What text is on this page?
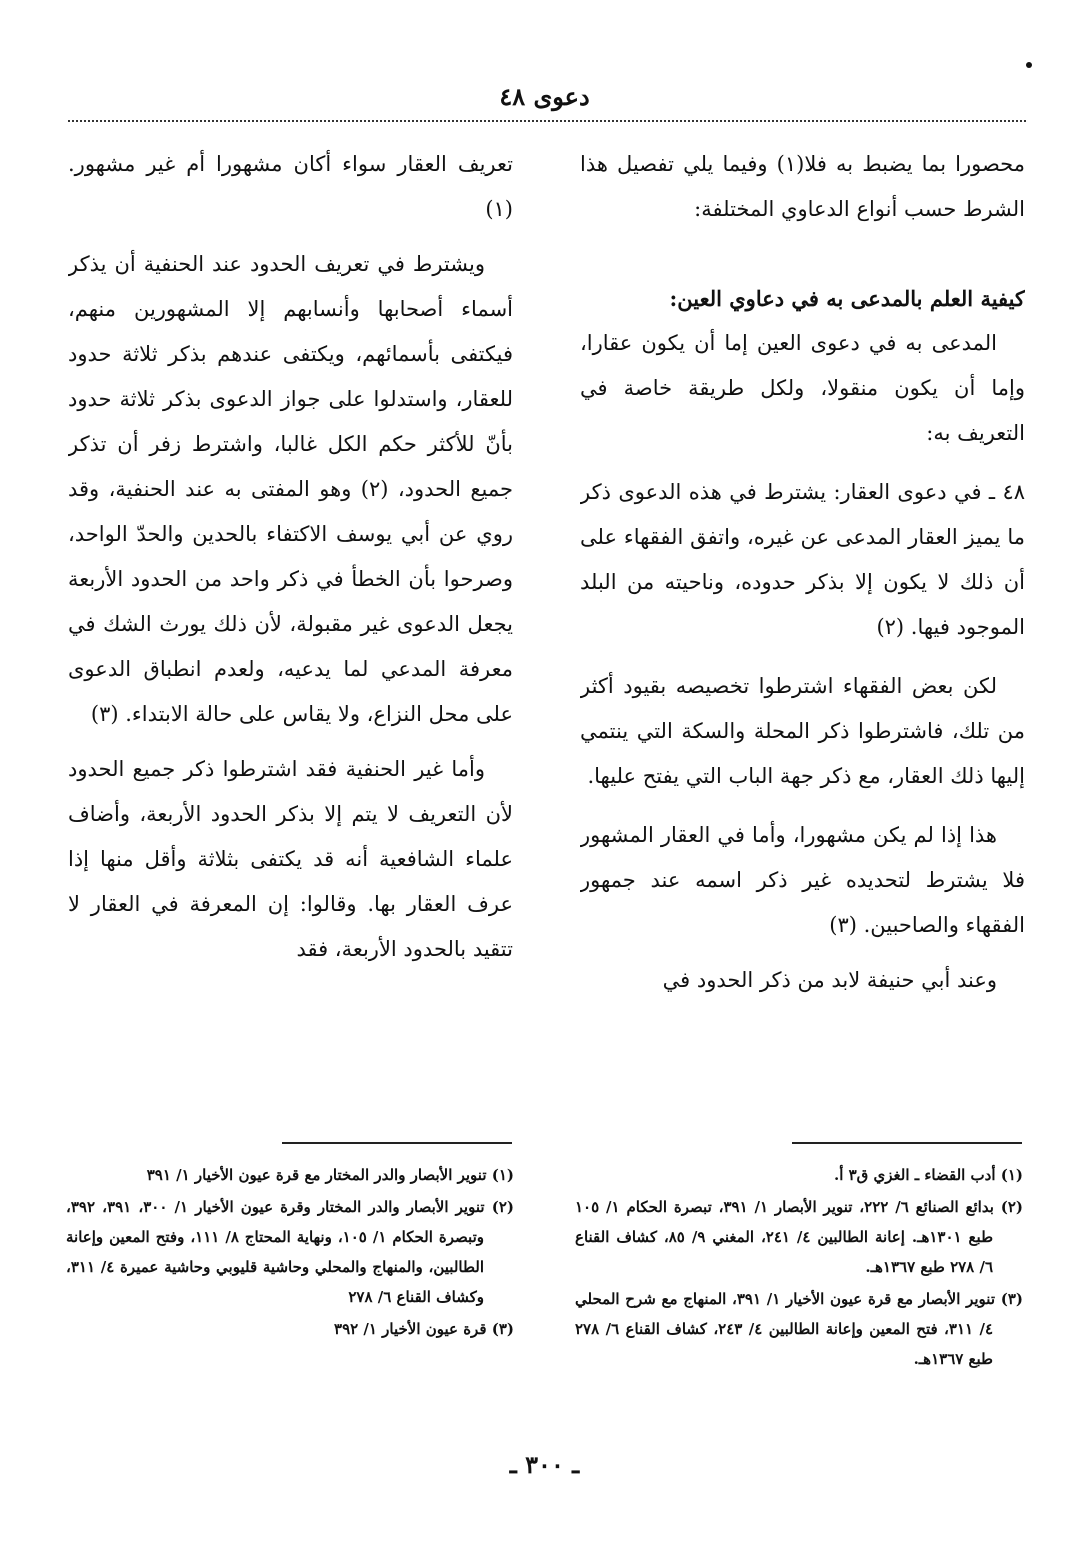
دعوى ٤٨

محصورا بما يضبط به فلا(١) وفيما يلي تفصيل هذا الشرط حسب أنواع الدعاوي المختلفة:

كيفية العلم بالمدعى به في دعاوي العين:

المدعى به في دعوى العين إما أن يكون عقارا، وإما أن يكون منقولا، ولكل طريقة خاصة في التعريف به:

٤٨ ـ في دعوى العقار: يشترط في هذه الدعوى ذكر ما يميز العقار المدعى عن غيره، واتفق الفقهاء على أن ذلك لا يكون إلا بذكر حدوده، وناحيته من البلد الموجود فيها. (٢)

لكن بعض الفقهاء اشترطوا تخصيصه بقيود أكثر من تلك، فاشترطوا ذكر المحلة والسكة التي ينتمي إليها ذلك العقار، مع ذكر جهة الباب التي يفتح عليها.

هذا إذا لم يكن مشهورا، وأما في العقار المشهور فلا يشترط لتحديده غير ذكر اسمه عند جمهور الفقهاء والصاحبين. (٣)

وعند أبي حنيفة لابد من ذكر الحدود في

تعريف العقار سواء أكان مشهورا أم غير مشهور. (١)

ويشترط في تعريف الحدود عند الحنفية أن يذكر أسماء أصحابها وأنسابهم إلا المشهورين منهم، فيكتفى بأسمائهم، ويكتفى عندهم بذكر ثلاثة حدود للعقار، واستدلوا على جواز الدعوى بذكر ثلاثة حدود بأنّ للأكثر حكم الكل غالبا، واشترط زفر أن تذكر جميع الحدود، (٢) وهو المفتى به عند الحنفية، وقد روي عن أبي يوسف الاكتفاء بالحدين والحدّ الواحد، وصرحوا بأن الخطأ في ذكر واحد من الحدود الأربعة يجعل الدعوى غير مقبولة، لأن ذلك يورث الشك في معرفة المدعي لما يدعيه، ولعدم انطباق الدعوى على محل النزاع، ولا يقاس على حالة الابتداء. (٣)

وأما غير الحنفية فقد اشترطوا ذكر جميع الحدود لأن التعريف لا يتم إلا بذكر الحدود الأربعة، وأضاف علماء الشافعية أنه قد يكتفى بثلاثة وأقل منها إذا عرف العقار بها. وقالوا: إن المعرفة في العقار لا تتقيد بالحدود الأربعة، فقد

(١) أدب القضاء ـ الغزي ق٣ أ.

(٢) بدائع الصنائع ٦/ ٢٢٢، تنوير الأبصار ١/ ٣٩١، تبصرة الحكام ١/ ١٠٥ طبع ١٣٠١هـ. إعانة الطالبين ٤/ ٢٤١، المغني ٩/ ٨٥، كشاف القناع ٦/ ٢٧٨ طبع ١٣٦٧هـ.

(٣) تنوير الأبصار مع قرة عيون الأخيار ١/ ٣٩١، المنهاج مع شرح المحلي ٤/ ٣١١، فتح المعين وإعانة الطالبين ٤/ ٢٤٣، كشاف القناع ٦/ ٢٧٨ طبع ١٣٦٧هـ.

(١) تنوير الأبصار والدر المختار مع قرة عيون الأخيار ١/ ٣٩١

(٢) تنوير الأبصار والدر المختار وقرة عيون الأخيار ١/ ٣٠٠، ٣٩١، ٣٩٢، وتبصرة الحكام ١/ ١٠٥، ونهاية المحتاج ٨/ ١١١، وفتح المعين وإعانة الطالبين، والمنهاج والمحلي وحاشية قليوبي وحاشية عميرة ٤/ ٣١١، وكشاف القناع ٦/ ٢٧٨

(٣) قرة عيون الأخيار ١/ ٣٩٢

ـ ٣٠٠ ـ
